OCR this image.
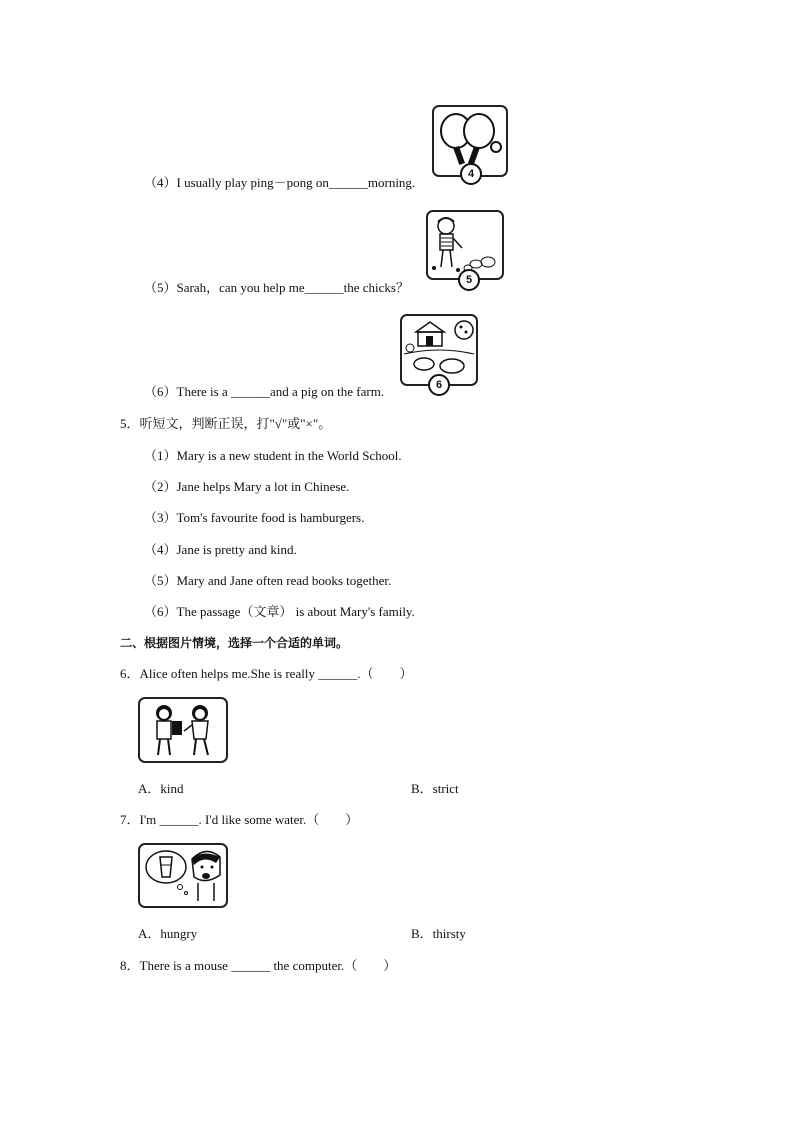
（4）I usually play ping－pong on______morning.
4
（5）Sarah，can you help me______the chicks？	5
（6）There is a ______and a pig on the farm.	6
5．听短文，判断正误，打"√"或"×"。
（1）Mary is a new student in the World School.
（2）Jane helps Mary a lot in Chinese.
（3）Tom's favourite food is hamburgers.
（4）Jane is pretty and kind.
（5）Mary and Jane often read books together.
（6）The passage（文章） is about Mary's family.
二、根据图片情境，选择一个合适的单词。
6．Alice often helps me.She is really ______.（　　）
A．kind	B．strict
7．I'm ______. I'd like some water.（　　）
A．hungry	B．thirsty
8．There is a mouse ______ the computer.（　　）
